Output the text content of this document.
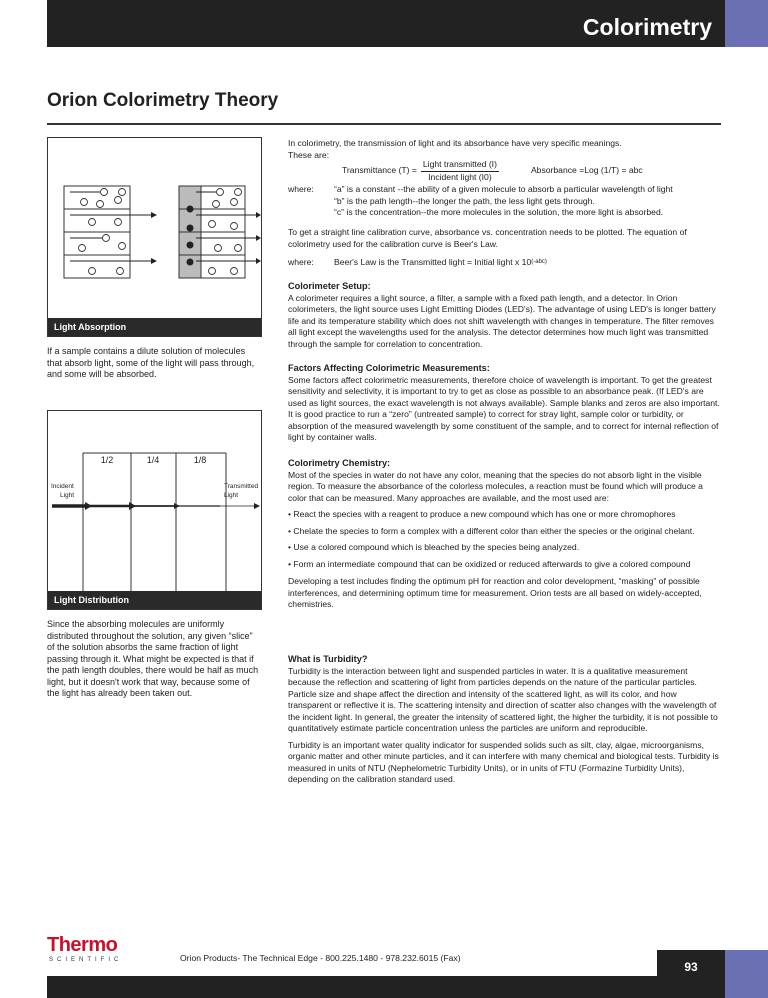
Colorimetry
Orion Colorimetry Theory
Light Absorption
If a sample contains a dilute solution of molecules that absorb light, some of the light will pass through, and some will be absorbed.
1/2	1/4	1/8
Incident
Light
Transmitted
Light
Light Distribution
Since the absorbing molecules are uniformly distributed throughout the solution, any given “slice” of the solution absorbs the same fraction of light passing through it. What might be expected is that if the path length doubles, there would be half as much light, but it doesn't work that way, because some of the light has already been taken out.

In colorimetry, the transmission of light and its absorbance have very specific meanings.

These are:

Transmittance $(T) = \frac{\text{Light transmitted (I)}}{\text{Incident light (I0)}}$	Absorbance =Log (1/T) = abc
where:	“a” is a constant --the ability of a given molecule to absorb a particular wavelength of light

“b” is the path length--the longer the path, the less light gets through.

“c” is the concentration--the more molecules in the solution, the more light is absorbed.

To get a straight line calibration curve, absorbance vs. concentration needs to be plotted. The equation of colorimetry used for the calibration curve is Beer's Law.
where:	Beer's Law is the Transmitted light = Initial light x 10 (-abc)

Colorimeter Setup:

A colorimeter requires a light source, a filter, a sample with a fixed path length, and a detector. In Orion colorimeters, the light source uses Light Emitting Diodes (LED's). The advantage of using LED's is longer battery life and its temperature stability which does not shift wavelength with changes in temperature. The filter removes all light except the wavelengths used for the analysis. The detector determines how much light was transmitted through the sample for correlation to concentration.

Factors Affecting Colorimetric Measurements:

Some factors affect colorimetric measurements, therefore choice of wavelength is important. To get the greatest sensitivity and selectivity, it is important to try to get as close as possible to an absorbance peak. (If LED's are used as light sources, the exact wavelength is not always available). Sample blanks and zeros are also important. It is good practice to run a “zero” (untreated sample) to correct for stray light, sample color or turbidity, or absorption of the measured wavelength by some constituent of the sample, and to correct for internal reflection of light by container walls.

Colorimetry Chemistry:

Most of the species in water do not have any color, meaning that the species do not absorb light in the visible region. To measure the absorbance of the colorless molecules, a reaction must be found which will produce a color that can be measured. Many approaches are available, and the most used are:

• React the species with a reagent to produce a new compound which has one or more chromophores

• Chelate the species to form a complex with a different color than either the species or the original chelant.

• Use a colored compound which is bleached by the species being analyzed.

• Form an intermediate compound that can be oxidized or reduced afterwards to give a colored compound

Developing a test includes finding the optimum pH for reaction and color development, “masking” of possible interferences, and determining optimum time for measurement. Orion tests are all based on widely-accepted, chemistries.

What is Turbidity?

Turbidity is the interaction between light and suspended particles in water. It is a qualitative measurement because the reflection and scattering of light from particles depends on the nature of the particular particles. Particle size and shape affect the direction and intensity of the scattered light, as will its color, and how transparent or reflective it is. The scattering intensity and direction of scatter also changes with the wavelength of the incident light. In general, the greater the intensity of scattered light, the higher the turbidity, it is not possible to quantitatively estimate particle concentration unless the particles are uniform and reproducible.

Turbidity is an important water quality indicator for suspended solids such as silt, clay, algae, microorganisms, organic matter and other minute particles, and it can interfere with many chemical and biological tests. Turbidity is measured in units of NTU (Nephelometric Turbidity Units), or in units of FTU (Formazine Turbidity Units), depending on the calibration standard used.

Thermo
SCIENTIFIC	Orion Products- The Technical Edge - 800.225.1480 - 978.232.6015 (Fax)
93
